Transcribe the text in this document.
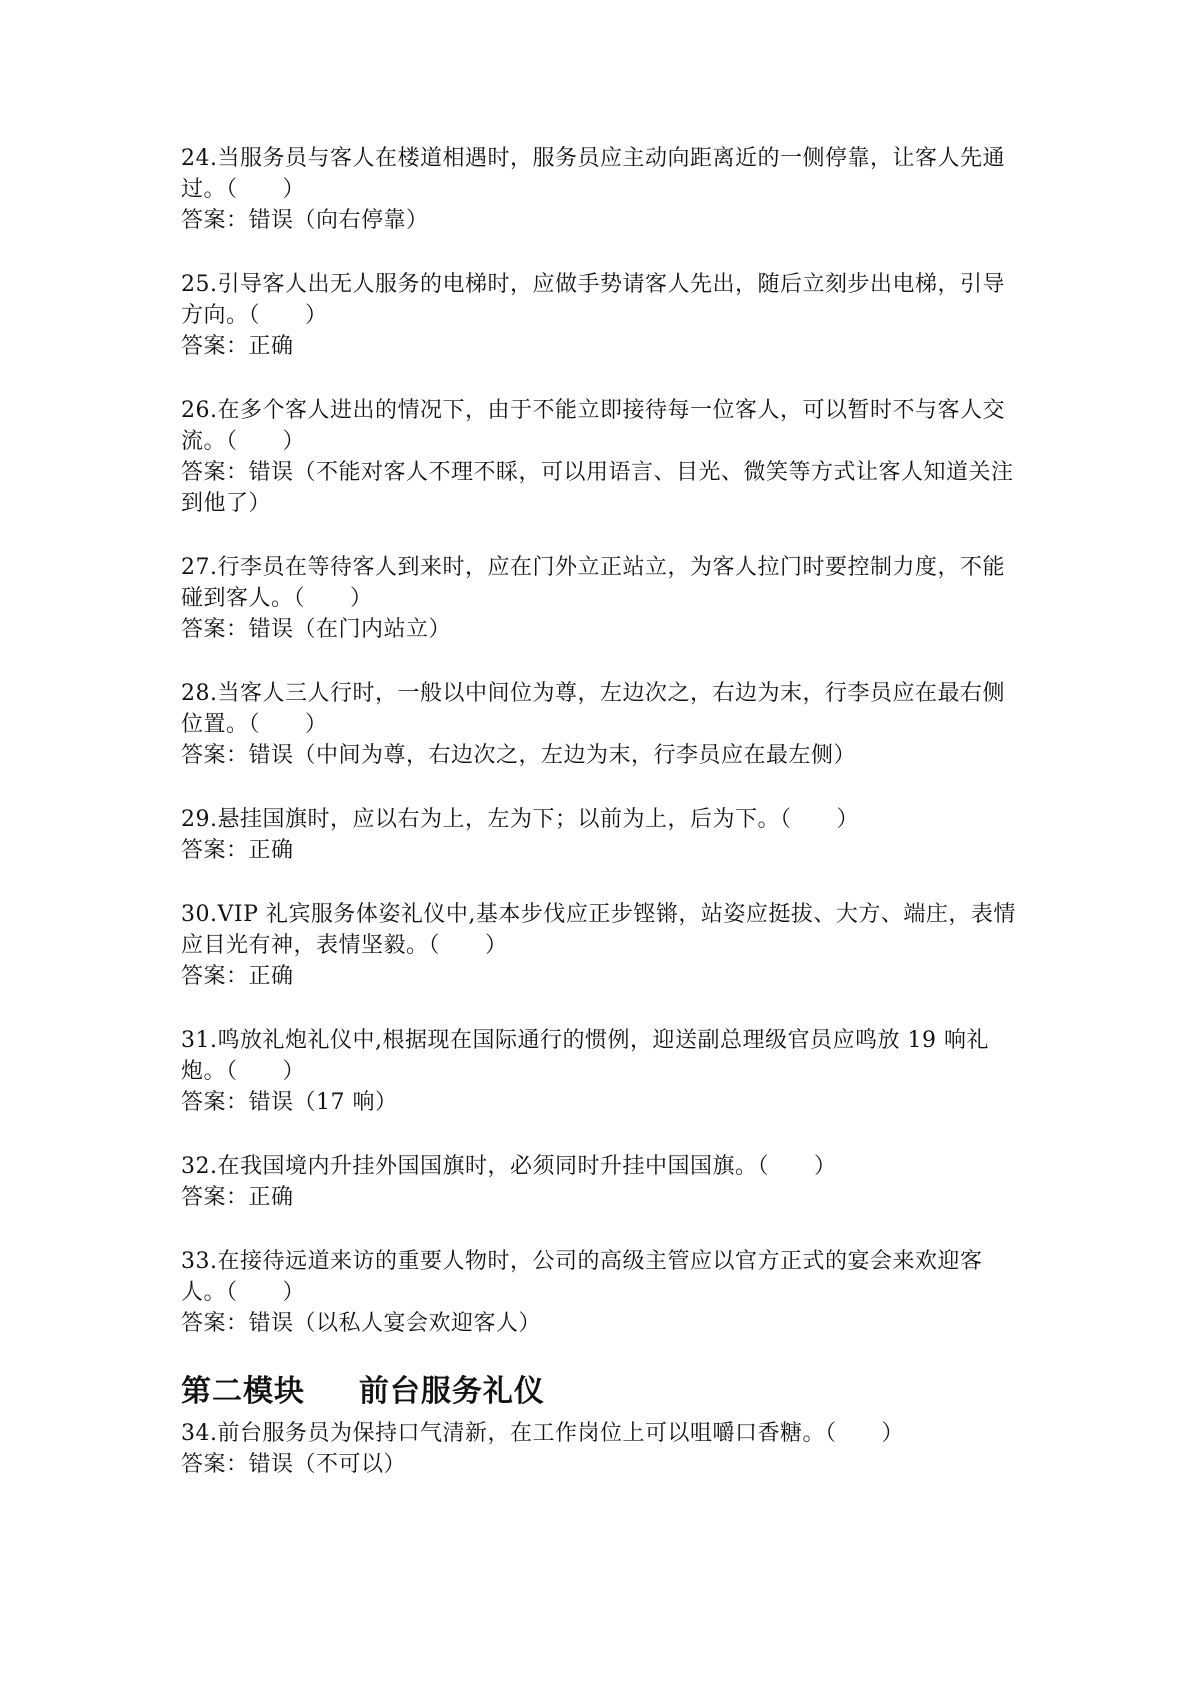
24.当服务员与客人在楼道相遇时，服务员应主动向距离近的一侧停靠，让客人先通过。（　　）

答案：错误（向右停靠）

25.引导客人出无人服务的电梯时，应做手势请客人先出，随后立刻步出电梯，引导方向。（　　）

答案：正确

26.在多个客人进出的情况下，由于不能立即接待每一位客人，可以暂时不与客人交流。（　　）

答案：错误（不能对客人不理不睬，可以用语言、目光、微笑等方式让客人知道关注到他了）

27.行李员在等待客人到来时，应在门外立正站立，为客人拉门时要控制力度，不能碰到客人。（　　）

答案：错误（在门内站立）

28.当客人三人行时，一般以中间位为尊，左边次之，右边为末，行李员应在最右侧位置。（　　）

答案：错误（中间为尊，右边次之，左边为末，行李员应在最左侧）

29.悬挂国旗时，应以右为上，左为下；以前为上，后为下。（　　）

答案：正确

30.VIP 礼宾服务体姿礼仪中,基本步伐应正步铿锵，站姿应挺拔、大方、端庄，表情应目光有神，表情坚毅。（　　）

答案：正确

31.鸣放礼炮礼仪中,根据现在国际通行的惯例，迎送副总理级官员应鸣放 19 响礼炮。（　　）

答案：错误（17 响）

32.在我国境内升挂外国国旗时，必须同时升挂中国国旗。（　　）

答案：正确

33.在接待远道来访的重要人物时，公司的高级主管应以官方正式的宴会来欢迎客人。（　　）

答案：错误（以私人宴会欢迎客人）

第二模块　  前台服务礼仪

34.前台服务员为保持口气清新，在工作岗位上可以咀嚼口香糖。（　　）

答案：错误（不可以）
